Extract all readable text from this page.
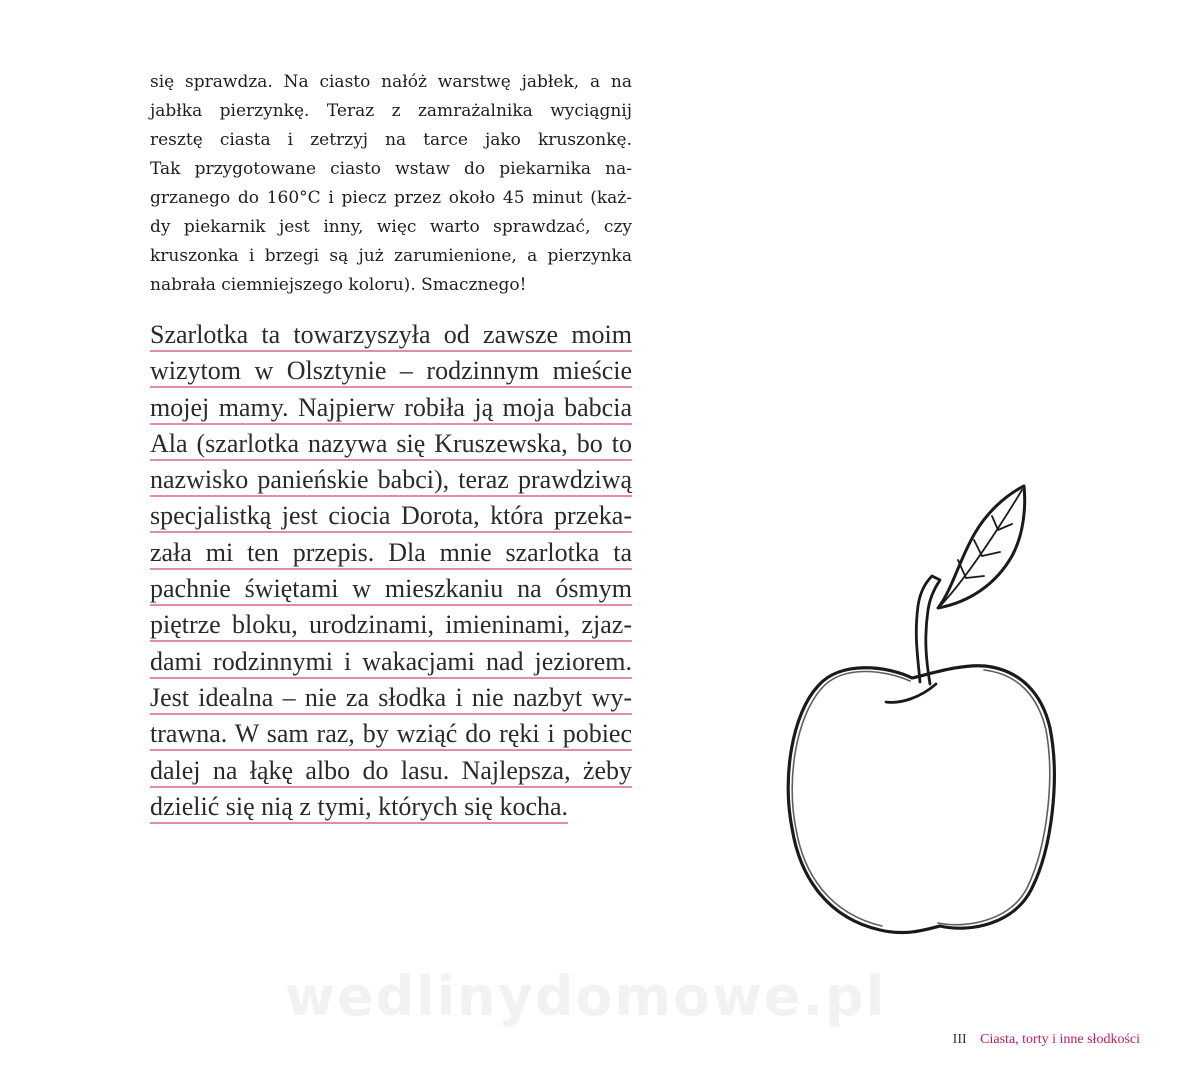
się sprawdza. Na ciasto nałóż warstwę jabłek, a na
jabłka pierzynkę. Teraz z zamrażalnika wyciągnij
resztę ciasta i zetrzyj na tarce jako kruszonkę.
Tak przygotowane ciasto wstaw do piekarnika na-
grzanego do 160°C i piecz przez około 45 minut (każ-
dy piekarnik jest inny, więc warto sprawdzać, czy
kruszonka i brzegi są już zarumienione, a pierzynka
nabrała ciemniejszego koloru). Smacznego!
Szarlotka ta towarzyszyła od zawsze moim
wizytom w Olsztynie – rodzinnym mieście
mojej mamy. Najpierw robiła ją moja babcia
Ala (szarlotka nazywa się Kruszewska, bo to
nazwisko panieńskie babci), teraz prawdziwą
specjalistką jest ciocia Dorota, która przeka-
zała mi ten przepis. Dla mnie szarlotka ta
pachnie świętami w mieszkaniu na ósmym
piętrze bloku, urodzinami, imieninami, zjaz-
dami rodzinnymi i wakacjami nad jeziorem.
Jest idealna – nie za słodka i nie nazbyt wy-
trawna. W sam raz, by wziąć do ręki i pobiec
dalej na łąkę albo do lasu. Najlepsza, żeby
dzielić się nią z tymi, których się kocha.
wedlinydomowe.pl
III Ciasta, torty i inne słodkości
